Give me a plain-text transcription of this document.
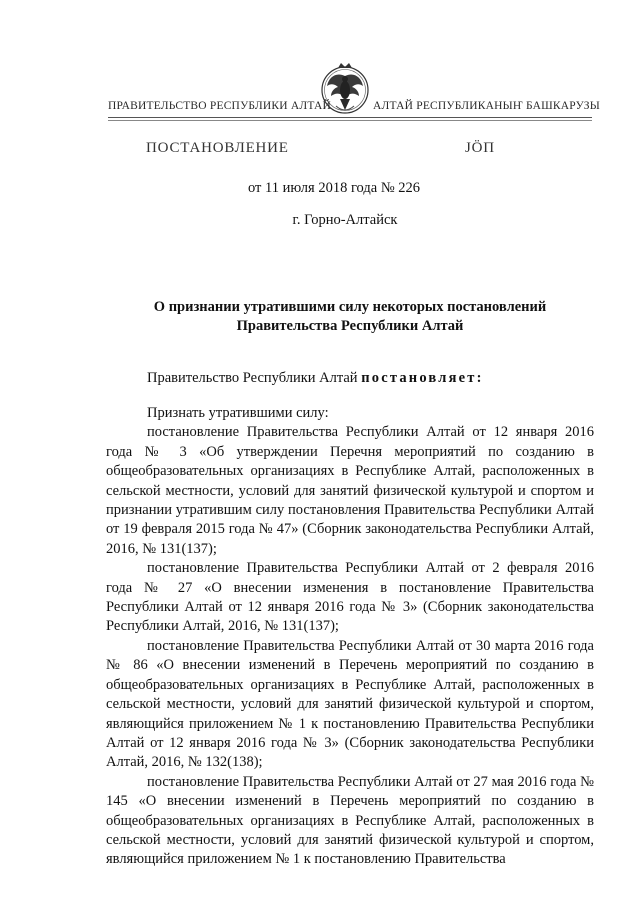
ПРАВИТЕЛЬСТВО РЕСПУБЛИКИ АЛТАЙ	АЛТАЙ РЕСПУБЛИКАНЫҤ БАШКАРУЗЫ
ПОСТАНОВЛЕНИЕ	ЈӦП
от 11 июля 2018 года № 226
г. Горно-Алтайск
О признании утратившими силу некоторых постановлений
Правительства Республики Алтай
Правительство Республики Алтай постановляет:

Признать утратившими силу:

постановление Правительства Республики Алтай от 12 января 2016 года № 3 «Об утверждении Перечня мероприятий по созданию в общеобразовательных организациях в Республике Алтай, расположенных в сельской местности, условий для занятий физической культурой и спортом и признании утратившим силу постановления Правительства Республики Алтай от 19 февраля 2015 года № 47» (Сборник законодательства Республики Алтай, 2016, № 131(137);

постановление Правительства Республики Алтай от 2 февраля 2016 года № 27 «О внесении изменения в постановление Правительства Республики Алтай от 12 января 2016 года № 3» (Сборник законодательства Республики Алтай, 2016, № 131(137);

постановление Правительства Республики Алтай от 30 марта 2016 года № 86 «О внесении изменений в Перечень мероприятий по созданию в общеобразовательных организациях в Республике Алтай, расположенных в сельской местности, условий для занятий физической культурой и спортом, являющийся приложением № 1 к постановлению Правительства Республики Алтай от 12 января 2016 года № 3» (Сборник законодательства Республики Алтай, 2016, № 132(138);

постановление Правительства Республики Алтай от 27 мая 2016 года № 145 «О внесении изменений в Перечень мероприятий по созданию в общеобразовательных организациях в Республике Алтай, расположенных в сельской местности, условий для занятий физической культурой и спортом, являющийся приложением № 1 к постановлению Правительства
